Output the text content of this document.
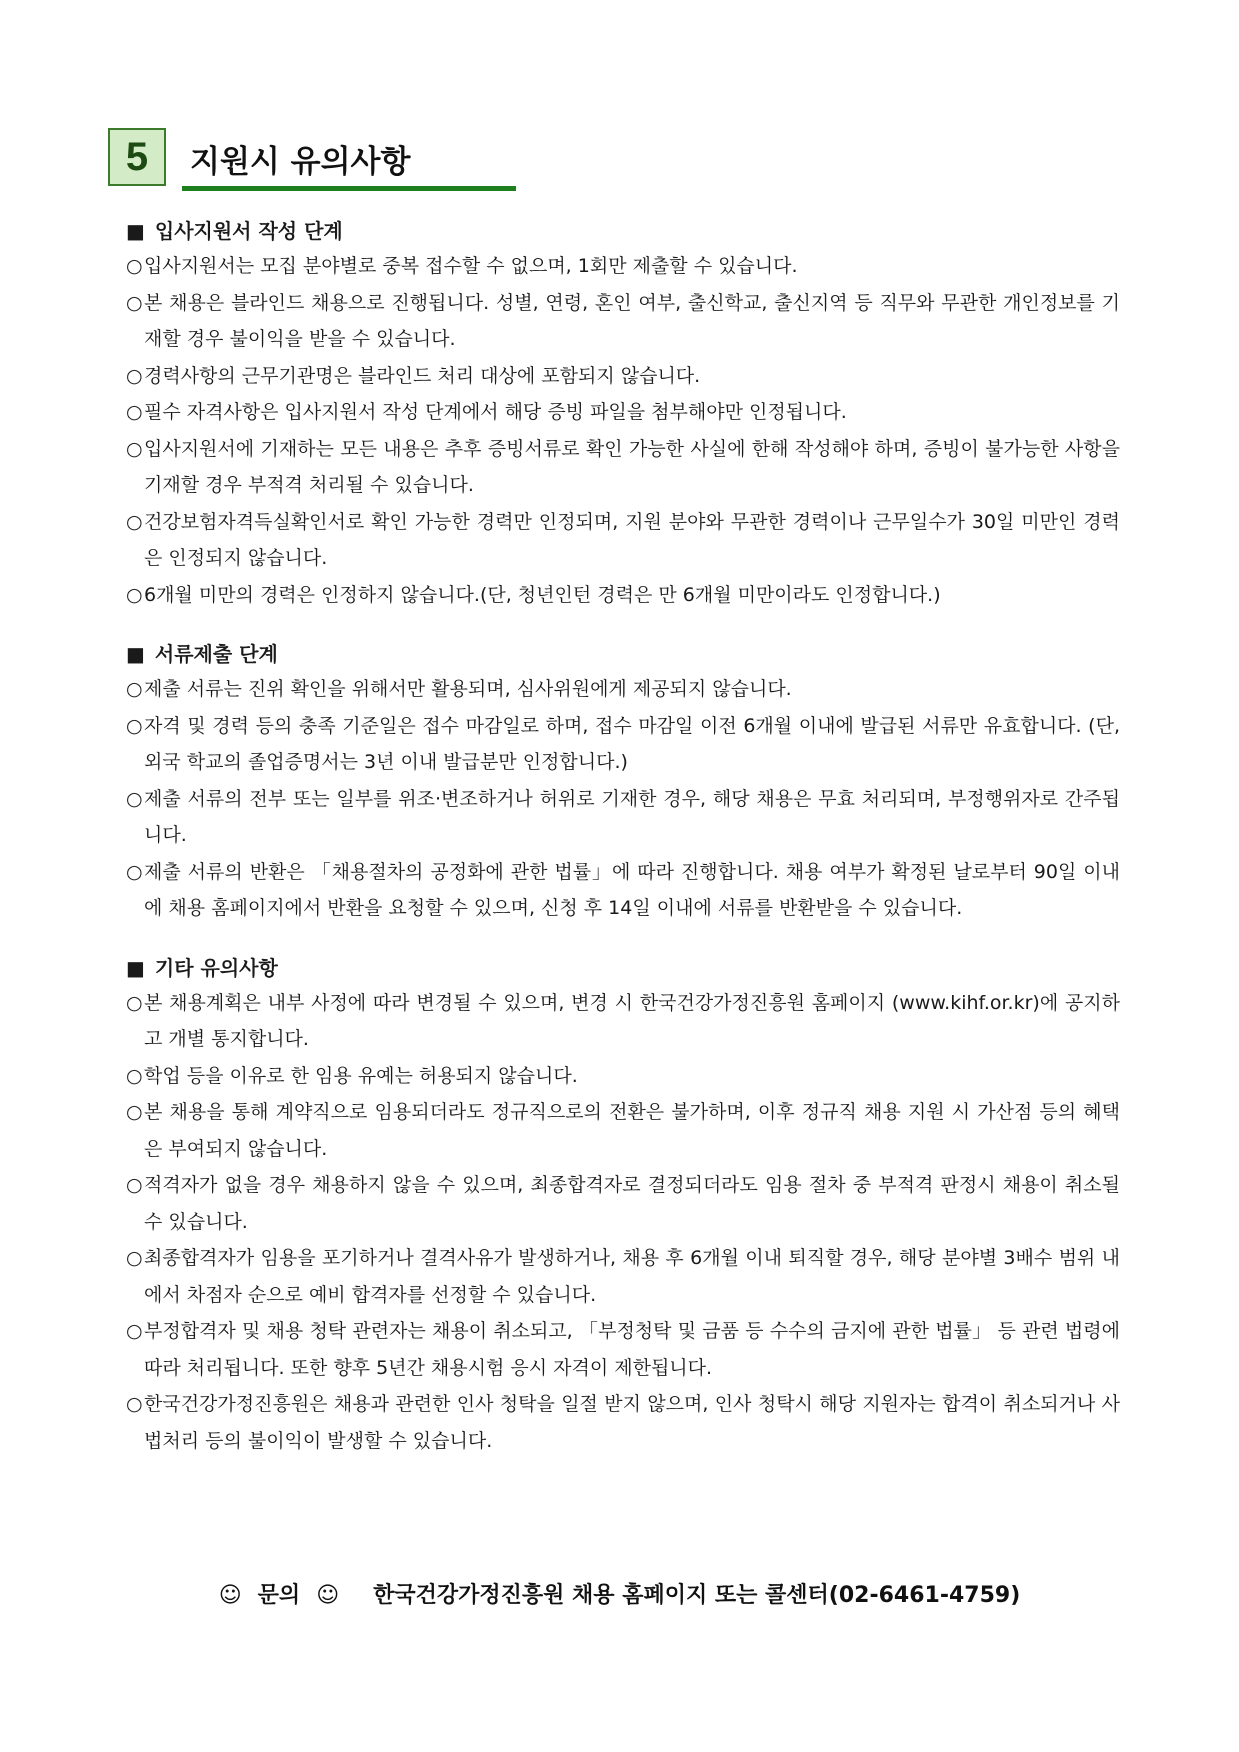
5	지원시 유의사항
■ 입사지원서 작성 단계
○ 입사지원서는 모집 분야별로 중복 접수할 수 없으며, 1회만 제출할 수 있습니다.
○ 본 채용은 블라인드 채용으로 진행됩니다. 성별, 연령, 혼인 여부, 출신학교, 출신지역 등 직무와 무관한 개인정보를 기재할 경우 불이익을 받을 수 있습니다.
○ 경력사항의 근무기관명은 블라인드 처리 대상에 포함되지 않습니다.
○ 필수 자격사항은 입사지원서 작성 단계에서 해당 증빙 파일을 첨부해야만 인정됩니다.
○ 입사지원서에 기재하는 모든 내용은 추후 증빙서류로 확인 가능한 사실에 한해 작성해야 하며, 증빙이 불가능한 사항을 기재할 경우 부적격 처리될 수 있습니다.
○ 건강보험자격득실확인서로 확인 가능한 경력만 인정되며, 지원 분야와 무관한 경력이나 근무일수가 30일 미만인 경력은 인정되지 않습니다.
○ 6개월 미만의 경력은 인정하지 않습니다.(단, 청년인턴 경력은 만 6개월 미만이라도 인정합니다.)
■ 서류제출 단계
○ 제출 서류는 진위 확인을 위해서만 활용되며, 심사위원에게 제공되지 않습니다.
○ 자격 및 경력 등의 충족 기준일은 접수 마감일로 하며, 접수 마감일 이전 6개월 이내에 발급된 서류만 유효합니다. (단, 외국 학교의 졸업증명서는 3년 이내 발급분만 인정합니다.)
○ 제출 서류의 전부 또는 일부를 위조·변조하거나 허위로 기재한 경우, 해당 채용은 무효 처리되며, 부정행위자로 간주됩니다.
○ 제출 서류의 반환은 「채용절차의 공정화에 관한 법률」에 따라 진행합니다. 채용 여부가 확정된 날로부터 90일 이내에 채용 홈페이지에서 반환을 요청할 수 있으며, 신청 후 14일 이내에 서류를 반환받을 수 있습니다.
■ 기타 유의사항
○ 본 채용계획은 내부 사정에 따라 변경될 수 있으며, 변경 시 한국건강가정진흥원 홈페이지 (www.kihf.or.kr)에 공지하고 개별 통지합니다.
○ 학업 등을 이유로 한 임용 유예는 허용되지 않습니다.
○ 본 채용을 통해 계약직으로 임용되더라도 정규직으로의 전환은 불가하며, 이후 정규직 채용 지원 시 가산점 등의 혜택은 부여되지 않습니다.
○ 적격자가 없을 경우 채용하지 않을 수 있으며, 최종합격자로 결정되더라도 임용 절차 중 부적격 판정시 채용이 취소될 수 있습니다.
○ 최종합격자가 임용을 포기하거나 결격사유가 발생하거나, 채용 후 6개월 이내 퇴직할 경우, 해당 분야별 3배수 범위 내에서 차점자 순으로 예비 합격자를 선정할 수 있습니다.
○ 부정합격자 및 채용 청탁 관련자는 채용이 취소되고, 「부정청탁 및 금품 등 수수의 금지에 관한 법률」 등 관련 법령에 따라 처리됩니다. 또한 향후 5년간 채용시험 응시 자격이 제한됩니다.
○ 한국건강가정진흥원은 채용과 관련한 인사 청탁을 일절 받지 않으며, 인사 청탁시 해당 지원자는 합격이 취소되거나 사법처리 등의 불이익이 발생할 수 있습니다.
☺ 문의 ☺ 한국건강가정진흥원 채용 홈페이지 또는 콜센터(02-6461-4759)
